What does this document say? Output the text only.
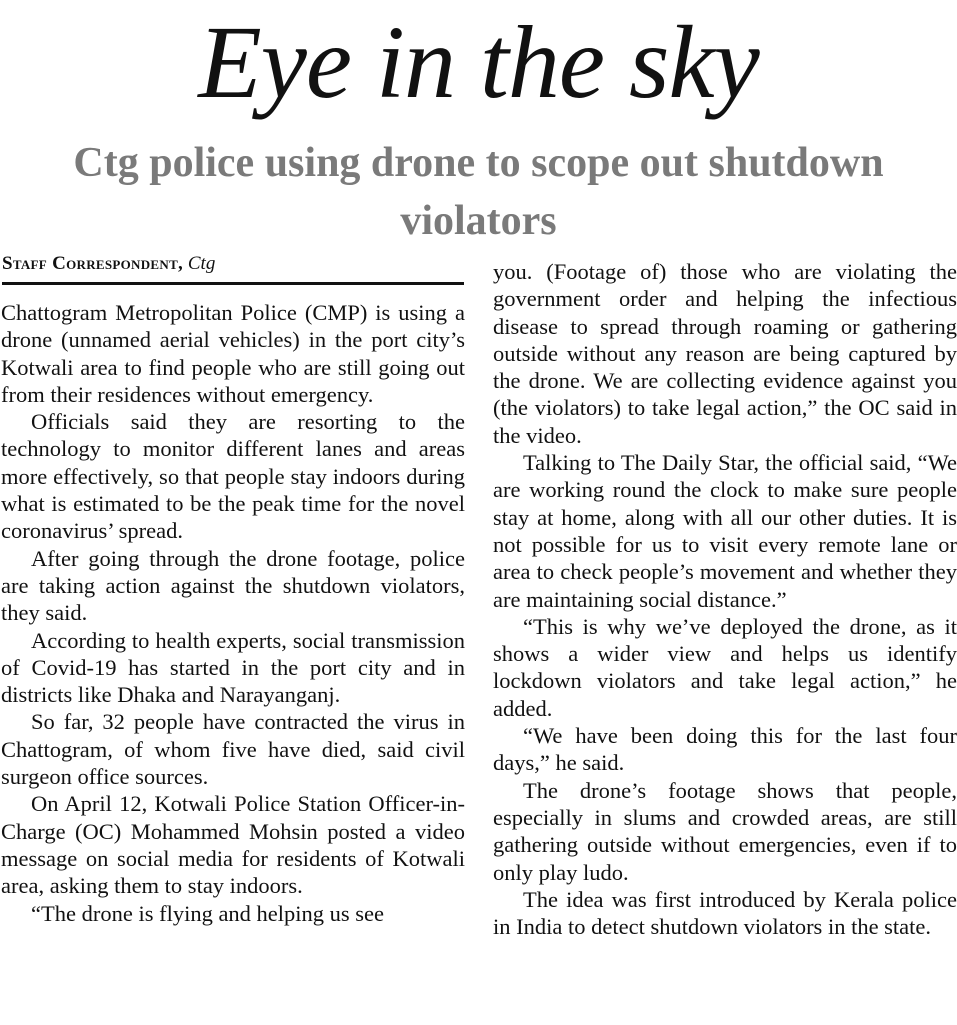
Eye in the sky
Ctg police using drone to scope out shutdown violators
Staff Correspondent, Ctg

Chattogram Metropolitan Police (CMP) is using a drone (unnamed aerial vehicles) in the port city’s Kotwali area to find people who are still going out from their residences without emergency.

Officials said they are resorting to the technology to monitor different lanes and areas more effectively, so that people stay indoors during what is estimated to be the peak time for the novel coronavirus’ spread.

After going through the drone footage, police are taking action against the shutdown violators, they said.

According to health experts, social transmission of Covid-19 has started in the port city and in districts like Dhaka and Narayanganj.

So far, 32 people have contracted the virus in Chattogram, of whom five have died, said civil surgeon office sources.

On April 12, Kotwali Police Station Officer-in-Charge (OC) Mohammed Mohsin posted a video message on social media for residents of Kotwali area, asking them to stay indoors.

“The drone is flying and helping us see

you. (Footage of) those who are violating the government order and helping the infectious disease to spread through roaming or gathering outside without any reason are being captured by the drone. We are collecting evidence against you (the violators) to take legal action,” the OC said in the video.

Talking to The Daily Star, the official said, “We are working round the clock to make sure people stay at home, along with all our other duties. It is not possible for us to visit every remote lane or area to check people’s movement and whether they are maintaining social distance.”

“This is why we’ve deployed the drone, as it shows a wider view and helps us identify lockdown violators and take legal action,” he added.

“We have been doing this for the last four days,” he said.

The drone’s footage shows that people, especially in slums and crowded areas, are still gathering outside without emergencies, even if to only play ludo.

The idea was first introduced by Kerala police in India to detect shutdown violators in the state.
